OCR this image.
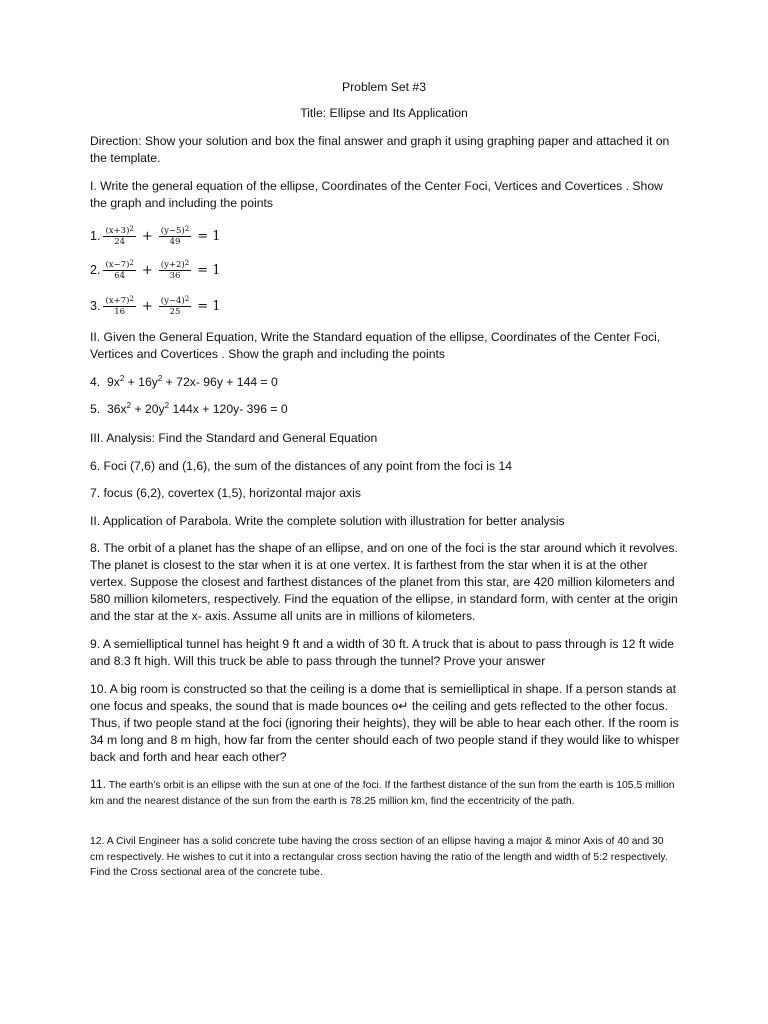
Problem Set #3
Title: Ellipse and Its Application
Direction: Show your solution and box the final answer and graph it using graphing paper and attached it on the template.
I. Write the general equation of the ellipse, Coordinates of the Center Foci, Vertices and Covertices . Show the graph and including the points
1. $\frac{(x+3)^2}{24} + \frac{(y-5)^2}{49} = 1$
2. $\frac{(x-7)^2}{64} + \frac{(y+2)^2}{36} = 1$
3. $\frac{(x+7)^2}{16} + \frac{(y-4)^2}{25} = 1$
II. Given the General Equation, Write the Standard equation of the ellipse, Coordinates of the Center Foci, Vertices and Covertices . Show the graph and including the points
4. $9x^2 + 16y^2 + 72x-$ 96y + 144 = 0
5. $36x^2 + 20y^2$ 144x + 120y- 396 = 0
III. Analysis: Find the Standard and General Equation
6. Foci (7,6) and (1,6), the sum of the distances of any point from the foci is 14
7. focus (6,2), covertex (1,5), horizontal major axis
II. Application of Parabola. Write the complete solution with illustration for better analysis
8. The orbit of a planet has the shape of an ellipse, and on one of the foci is the star around which it revolves. The planet is closest to the star when it is at one vertex. It is farthest from the star when it is at the other vertex. Suppose the closest and farthest distances of the planet from this star, are 420 million kilometers and 580 million kilometers, respectively. Find the equation of the ellipse, in standard form, with center at the origin and the star at the x- axis. Assume all units are in millions of kilometers.
9. A semielliptical tunnel has height 9 ft and a width of 30 ft. A truck that is about to pass through is 12 ft wide and 8.3 ft high. Will this truck be able to pass through the tunnel? Prove your answer
10. A big room is constructed so that the ceiling is a dome that is semielliptical in shape. If a person stands at one focus and speaks, the sound that is made bounces o↵ the ceiling and gets reflected to the other focus. Thus, if two people stand at the foci (ignoring their heights), they will be able to hear each other. If the room is 34 m long and 8 m high, how far from the center should each of two people stand if they would like to whisper back and forth and hear each other?
11. The earth’s orbit is an ellipse with the sun at one of the foci. If the farthest distance of the sun from the earth is 105.5 million km and the nearest distance of the sun from the earth is 78.25 million km, find the eccentricity of the path.
12. A Civil Engineer has a solid concrete tube having the cross section of an ellipse having a major & minor Axis of 40 and 30 cm respectively. He wishes to cut it into a rectangular cross section having the ratio of the length and width of 5:2 respectively. Find the Cross sectional area of the concrete tube.
